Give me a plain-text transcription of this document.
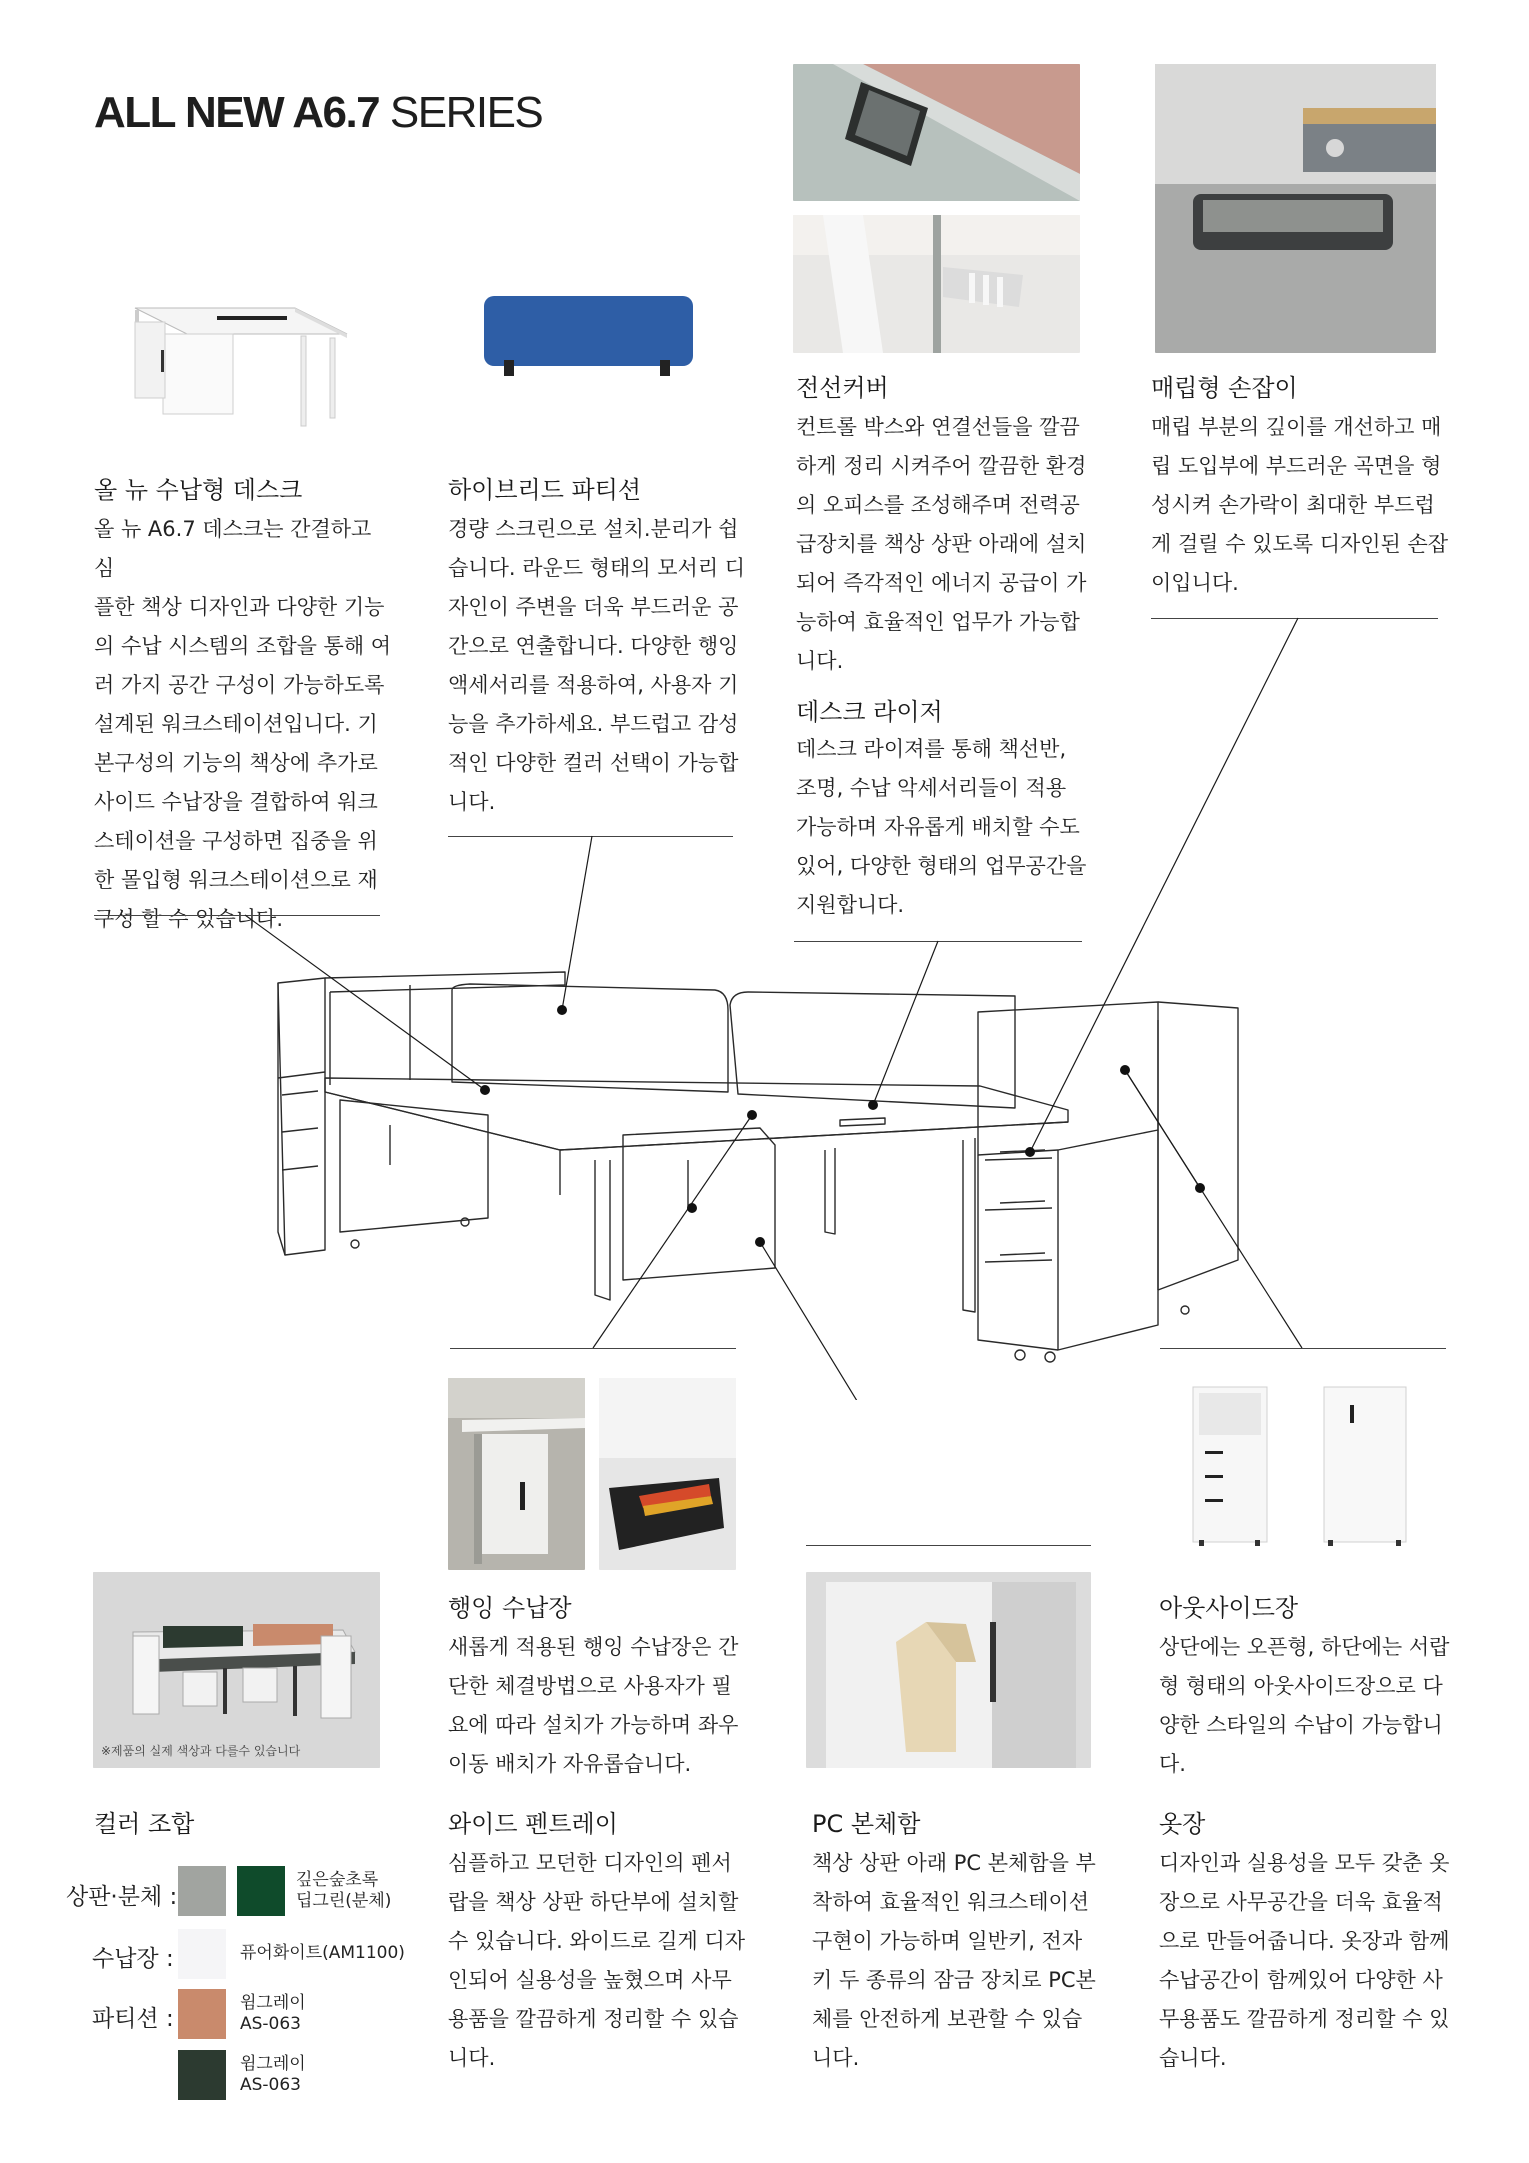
ALL NEW A6.7 SERIES
올 뉴 수납형 데스크
올 뉴 A6.7 데스크는 간결하고 심
플한 책상 디자인과 다양한 기능
의 수납 시스템의 조합을 통해 여
러 가지 공간 구성이 가능하도록
설계된 워크스테이션입니다. 기
본구성의 기능의 책상에 추가로
사이드 수납장을 결합하여 워크
스테이션을 구성하면 집중을 위
한 몰입형 워크스테이션으로 재
구성 할 수 있습니다.
하이브리드 파티션
경량 스크린으로 설치.분리가 쉽
습니다. 라운드 형태의 모서리 디
자인이 주변을 더욱 부드러운 공
간으로 연출합니다. 다양한 행잉
액세서리를 적용하여, 사용자 기
능을 추가하세요. 부드럽고 감성
적인 다양한 컬러 선택이 가능합
니다.
전선커버
컨트롤 박스와 연결선들을 깔끔
하게 정리 시켜주어 깔끔한 환경
의 오피스를 조성해주며 전력공
급장치를 책상 상판 아래에 설치
되어 즉각적인 에너지 공급이 가
능하여 효율적인 업무가 가능합
니다.
데스크 라이저
데스크 라이져를 통해 책선반,
조명, 수납 악세서리들이 적용
가능하며 자유롭게 배치할 수도
있어, 다양한 형태의 업무공간을
지원합니다.
매립형 손잡이
매립 부분의 깊이를 개선하고 매
립 도입부에 부드러운 곡면을 형
성시켜 손가락이 최대한 부드럽
게 걸릴 수 있도록 디자인된 손잡
이입니다.
※제품의 실제 색상과 다를수 있습니다
행잉 수납장
새롭게 적용된 행잉 수납장은 간
단한 체결방법으로 사용자가 필
요에 따라 설치가 가능하며 좌우
이동 배치가 자유롭습니다.
아웃사이드장
상단에는 오픈형, 하단에는 서랍
형 형태의 아웃사이드장으로 다
양한 스타일의 수납이 가능합니
다.
컬러 조합
상판·분체 :
깊은숲초록
딥그린(분체)
수납장 :	퓨어화이트(AM1100)
파티션 :
윔그레이
AS-063
윔그레이
AS-063
와이드 펜트레이
심플하고 모던한 디자인의 펜서
랍을 책상 상판 하단부에 설치할
수 있습니다. 와이드로 길게 디자
인되어 실용성을 높혔으며 사무
용품을 깔끔하게 정리할 수 있습
니다.
PC 본체함
책상 상판 아래 PC 본체함을 부
착하여 효율적인 워크스테이션
구현이 가능하며 일반키, 전자
키 두 종류의 잠금 장치로 PC본
체를 안전하게 보관할 수 있습
니다.
옷장
디자인과 실용성을 모두 갖춘 옷
장으로 사무공간을 더욱 효율적
으로 만들어줍니다. 옷장과 함께
수납공간이 함께있어 다양한 사
무용품도 깔끔하게 정리할 수 있
습니다.
